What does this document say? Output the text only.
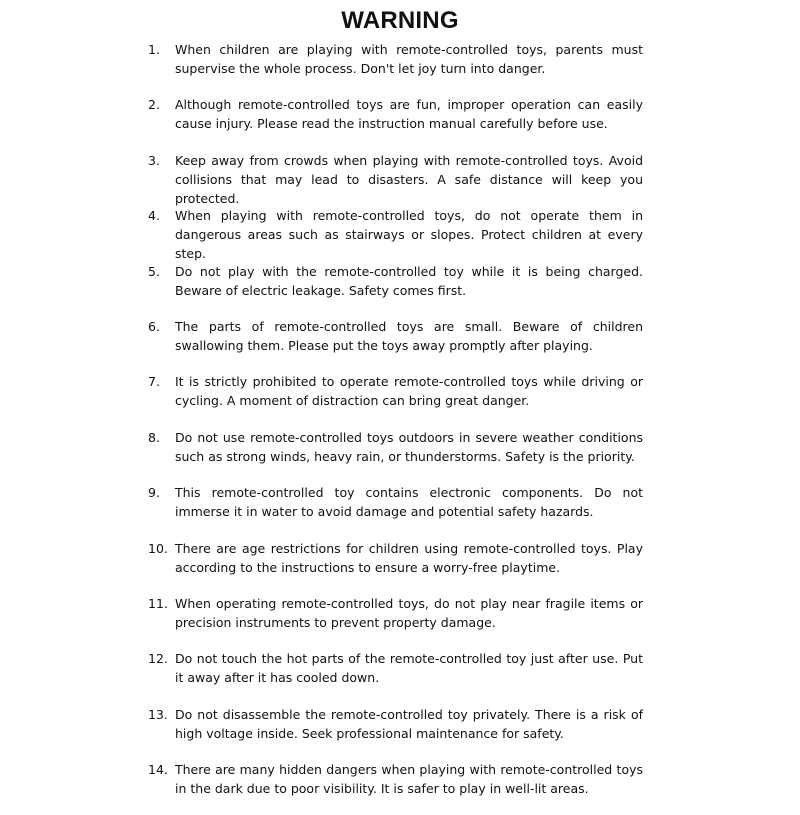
WARNING
1.	When children are playing with remote-controlled toys, parents must supervise the whole process. Don't let joy turn into danger.
2.	Although remote-controlled toys are fun, improper operation can easily cause injury. Please read the instruction manual carefully before use.
3.	Keep away from crowds when playing with remote-controlled toys. Avoid collisions that may lead to disasters. A safe distance will keep you protected.
4.	When playing with remote-controlled toys, do not operate them in dangerous areas such as stairways or slopes. Protect children at every step.
5.	Do not play with the remote-controlled toy while it is being charged. Beware of electric leakage. Safety comes first.
6.	The parts of remote-controlled toys are small. Beware of children swallowing them. Please put the toys away promptly after playing.
7.	It is strictly prohibited to operate remote-controlled toys while driving or cycling. A moment of distraction can bring great danger.
8.	Do not use remote-controlled toys outdoors in severe weather conditions such as strong winds, heavy rain, or thunderstorms. Safety is the priority.
9.	This remote-controlled toy contains electronic components. Do not immerse it in water to avoid damage and potential safety hazards.
10. There are age restrictions for children using remote-controlled toys. Play according to the instructions to ensure a worry-free playtime.
11. When operating remote-controlled toys, do not play near fragile items or precision instruments to prevent property damage.
12. Do not touch the hot parts of the remote-controlled toy just after use. Put it away after it has cooled down.
13. Do not disassemble the remote-controlled toy privately. There is a risk of high voltage inside. Seek professional maintenance for safety.
14. There are many hidden dangers when playing with remote-controlled toys in the dark due to poor visibility. It is safer to play in well-lit areas.
